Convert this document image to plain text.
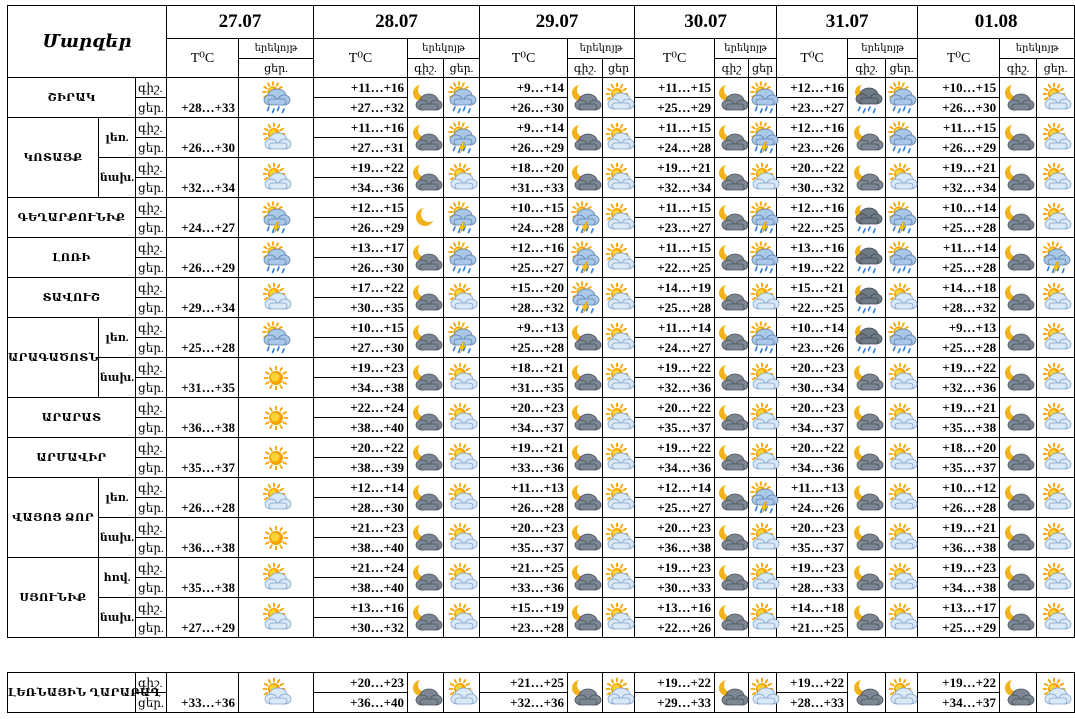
Մարզեր			27.07		28.07			29.07			30.07			31.07			01.08		
			T⁰C	երեկոյթ	T⁰C	երեկոյթ		T⁰C	երեկոյթ		T⁰C	երեկոյթ		T⁰C	երեկոյթ		T⁰C	երեկոյթ	
				ցեր.		գիշ.	ցեր.		գիշ.	ցեր		գիշ	ցեր		գիշ.	ցեր.		գիշ.	ցեր.
ՇԻՐԱԿ		գիշ.	+28…+33		+11…+16			+9…+14			+11…+15			+12…+16			+10…+15	

		ցեր.			+27…+32			+26…+30			+25…+29			+23…+27			+26…+30		
ԿՈՏԱՅՔ	լեռ.	գիշ.	+26…+30		+11…+16			+9…+14			+11…+15			+12…+16			+11…+15	

		ցեր.			+27…+31			+26…+29			+24…+28			+23…+26			+26…+29		
	նախ.	գիշ.	+32…+34		+19…+22			+18…+20			+19…+21			+20…+22			+19…+21	

		ցեր.			+34…+36			+31…+33			+32…+34			+30…+32			+32…+34		
ԳԵՂԱՐՔՈՒՆԻՔ		գիշ.	+24…+27		+12…+15			+10…+15			+11…+15			+12…+16			+10…+14	

		ցեր.			+26…+29			+24…+28			+23…+27			+22…+25			+25…+28		
ԼՈՌԻ		գիշ.	+26…+29		+13…+17			+12…+16			+11…+15			+13…+16			+11…+14	

		ցեր.			+26…+30			+25…+27			+22…+25			+19…+22			+25…+28		
ՏԱՎՈՒՇ		գիշ.	+29…+34		+17…+22			+15…+20			+14…+19			+15…+21			+14…+18	

		ցեր.			+30…+35			+28…+32			+25…+28			+22…+25			+28…+32		
ԱՐԱԳԱԾՈՏՆ	լեռ.	գիշ.	+25…+28		+10…+15			+9…+13			+11…+14			+10…+14			+9…+13	

		ցեր.			+27…+30			+25…+28			+24…+27			+23…+26			+25…+28		
	նախ.	գիշ.	+31…+35		+19…+23			+18…+21			+19…+22			+20…+23			+19…+22	

		ցեր.			+34…+38			+31…+35			+32…+36			+30…+34			+32…+36		
ԱՐԱՐԱՏ		գիշ.	+36…+38		+22…+24			+20…+23			+20…+22			+20…+23			+19…+21	

		ցեր.			+38…+40			+34…+37			+35…+37			+34…+37			+35…+38		
ԱՐՄԱՎԻՐ		գիշ.	+35…+37		+20…+22			+19…+21			+19…+22			+20…+22			+18…+20	

		ցեր.			+38…+39			+33…+36			+34…+36			+34…+36			+35…+37		
ՎԱՅՈՑ ՁՈՐ	լեռ.	գիշ.	+26…+28		+12…+14			+11…+13			+12…+14			+11…+13			+10…+12	

		ցեր.			+28…+30			+26…+28			+25…+27			+24…+26			+26…+28		
	նախ.	գիշ.	+36…+38		+21…+23			+20…+23			+20…+23			+20…+23			+19…+21	

		ցեր.			+38…+40			+35…+37			+36…+38			+35…+37			+36…+38		
ՍՅՈՒՆԻՔ	հով.	գիշ.	+35…+38		+21…+24			+21…+25			+19…+23			+19…+23			+19…+23	

		ցեր.			+38…+40			+33…+36			+30…+33			+28…+33			+34…+38		
	նախ.	գիշ.	+27…+29		+13…+16			+15…+19			+13…+16			+14…+18			+13…+17	

		ցեր.			+30…+32			+23…+28			+22…+26			+21…+25			+25…+29		
ԼԵՌՆԱՅԻՆ ՂԱՐԱԲԱՂ	գիշ.	+33…+36		+20…+23			+21…+25			+19…+22			+19…+22			+19…+22	

	ցեր.			+36…+40			+32…+36			+29…+33			+28…+33			+34…+37		
